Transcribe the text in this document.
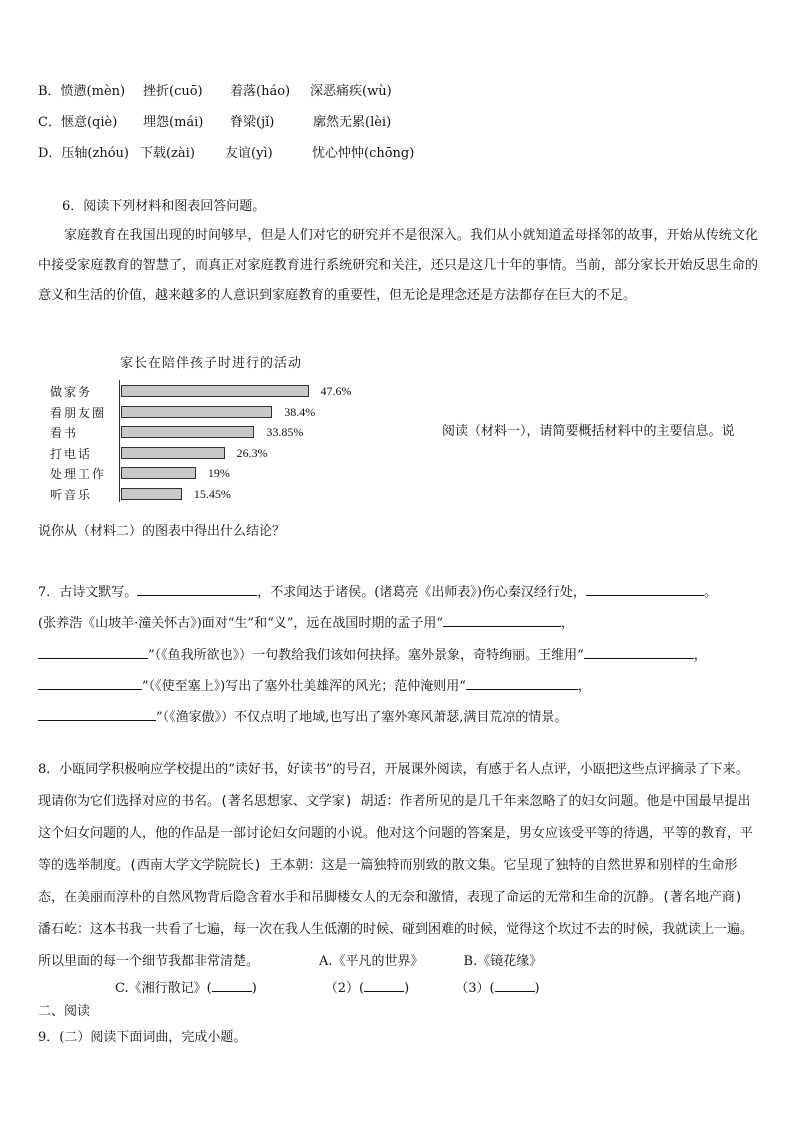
B．愤懑(mèn) 挫折(cuō) 着落(háo) 深恶痛疾(wù)
C．惬意(qiè) 埋怨(mái) 脊梁(jǐ)	廓然无累(lèi)
D．压轴(zhóu) 下载(zài) 友谊(yì)	忧心忡忡(chōng)
6．阅读下列材料和图表回答问题。
家庭教育在我国出现的时间够早，但是人们对它的研究并不是很深入。我们从小就知道孟母择邻的故事，开始从传统文化中接受家庭教育的智慧了，而真正对家庭教育进行系统研究和关注，还只是这几十年的事情。当前，部分家长开始反思生命的意义和生活的价值，越来越多的人意识到家庭教育的重要性，但无论是理念还是方法都存在巨大的不足。
家长在陪伴孩子时进行的活动
做家务	47.6%
看朋友圈	38.4%
看书	33.85%
打电话	26.3%
处理工作	19%
听音乐	15.45%
阅读（材料一），请简要概括材料中的主要信息。说
说你从（材料二）的图表中得出什么结论？
7．古诗文默写。	，不求闻达于诸侯。(诸葛亮《出师表》)伤心秦汉经行处，	。
(张养浩《山坡羊·潼关怀古》)面对“生”和“义”，远在战国时期的孟子用“	，
”（《鱼我所欲也》）一句教给我们该如何抉择。塞外景象，奇特绚丽。王维用“	，
”（《使至塞上》)写出了塞外壮美雄浑的风光；范仲淹则用“	，
”（《渔家傲》）不仅点明了地域,也写出了塞外寒风萧瑟,满目荒凉的情景。
8．小瓯同学积极响应学校提出的“读好书，好读书”的号召，开展课外阅读，有感于名人点评，小瓯把这些点评摘录了下来。现请你为它们选择对应的书名。(著名思想家、文学家) 胡适：作者所见的是几千年来忽略了的妇女问题。他是中国最早提出这个妇女问题的人，他的作品是一部讨论妇女问题的小说。他对这个问题的答案是，男女应该受平等的待遇，平等的教育，平等的选举制度。(西南大学文学院院长) 王本朝：这是一篇独特而别致的散文集。它呈现了独特的自然世界和别样的生命形态，在美丽而淳朴的自然风物背后隐含着水手和吊脚楼女人的无奈和激情，表现了命运的无常和生命的沉静。(著名地产商) 潘石屹：这本书我一共看了七遍，每一次在我人生低潮的时候、碰到困难的时候，觉得这个坎过不去的时候，我就读上一遍。所以里面的每一个细节我都非常清楚。	A.《平凡的世界》	B.《镜花缘》
C.《湘行散记》(	)	（2）(	)	（3）(	)
二、阅读
9．(二）阅读下面词曲，完成小题。
